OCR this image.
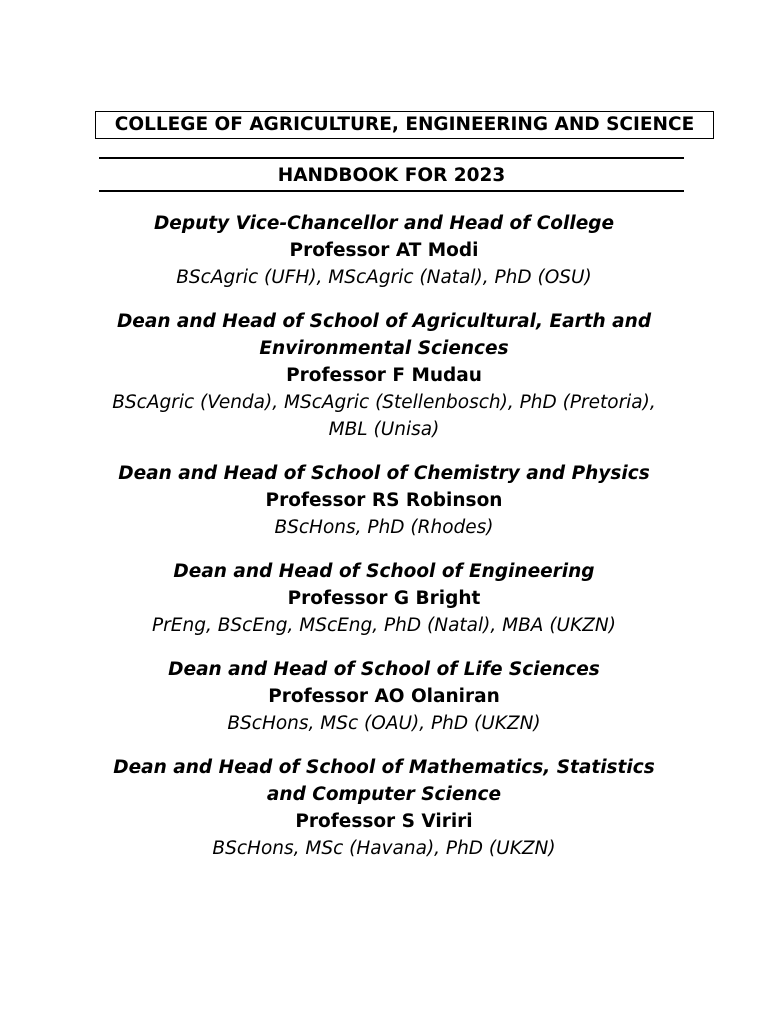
COLLEGE OF AGRICULTURE, ENGINEERING AND SCIENCE
HANDBOOK FOR 2023
Deputy Vice-Chancellor and Head of College
Professor AT Modi
BScAgric (UFH), MScAgric (Natal), PhD (OSU)
Dean and Head of School of Agricultural, Earth and
Environmental Sciences
Professor F Mudau
BScAgric (Venda), MScAgric (Stellenbosch), PhD (Pretoria),
MBL (Unisa)
Dean and Head of School of Chemistry and Physics
Professor RS Robinson
BScHons, PhD (Rhodes)
Dean and Head of School of Engineering
Professor G Bright
PrEng, BScEng, MScEng, PhD (Natal), MBA (UKZN)
Dean and Head of School of Life Sciences
Professor AO Olaniran
BScHons, MSc (OAU), PhD (UKZN)
Dean and Head of School of Mathematics, Statistics
and Computer Science
Professor S Viriri
BScHons, MSc (Havana), PhD (UKZN)
